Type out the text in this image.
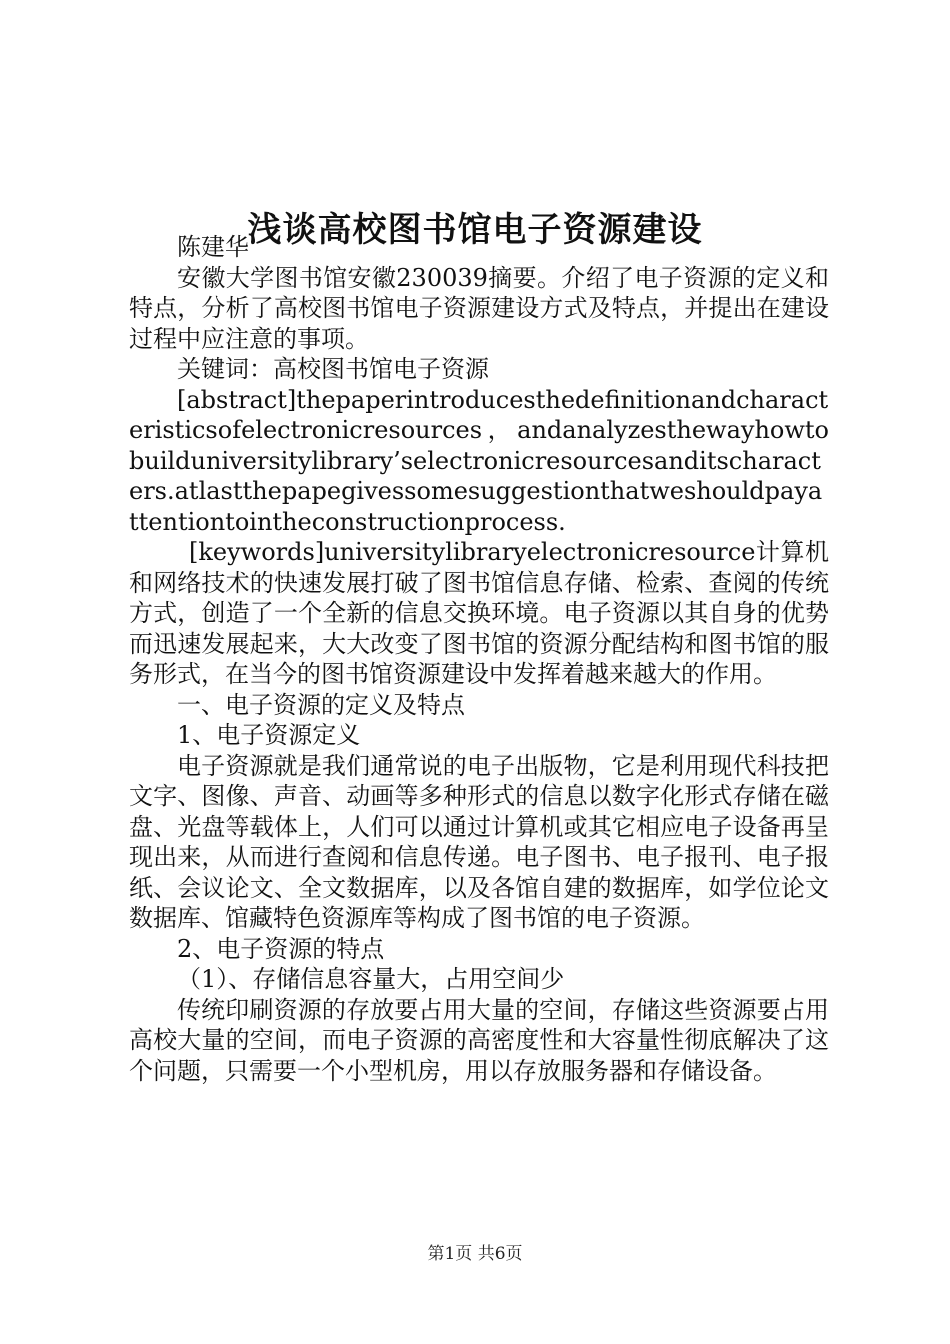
浅谈高校图书馆电子资源建设

陈建华

安徽大学图书馆安徽230039摘要。介绍了电子资源的定义和特点，分析了高校图书馆电子资源建设方式及特点，并提出在建设过程中应注意的事项。

关键词：高校图书馆电子资源

[abstract]thepaperintroducesthedefinitionandcharacteristicsofelectronicresources，andanalyzesthewayhowtobuilduniversitylibrary’selectronicresourcesanditscharacters.atlastthepapegivessomesuggestionthatweshouldpayattentiontointheconstructionprocess.

[keywords]universitylibraryelectronicresource计算机和网络技术的快速发展打破了图书馆信息存储、检索、查阅的传统方式，创造了一个全新的信息交换环境。电子资源以其自身的优势而迅速发展起来，大大改变了图书馆的资源分配结构和图书馆的服务形式，在当今的图书馆资源建设中发挥着越来越大的作用。

一、电子资源的定义及特点

1、电子资源定义

电子资源就是我们通常说的电子出版物，它是利用现代科技把文字、图像、声音、动画等多种形式的信息以数字化形式存储在磁盘、光盘等载体上，人们可以通过计算机或其它相应电子设备再呈现出来，从而进行查阅和信息传递。电子图书、电子报刊、电子报纸、会议论文、全文数据库，以及各馆自建的数据库，如学位论文数据库、馆藏特色资源库等构成了图书馆的电子资源。

2、电子资源的特点

（1）、存储信息容量大，占用空间少

传统印刷资源的存放要占用大量的空间，存储这些资源要占用高校大量的空间，而电子资源的高密度性和大容量性彻底解决了这个问题，只需要一个小型机房，用以存放服务器和存储设备。

第1页 共6页
